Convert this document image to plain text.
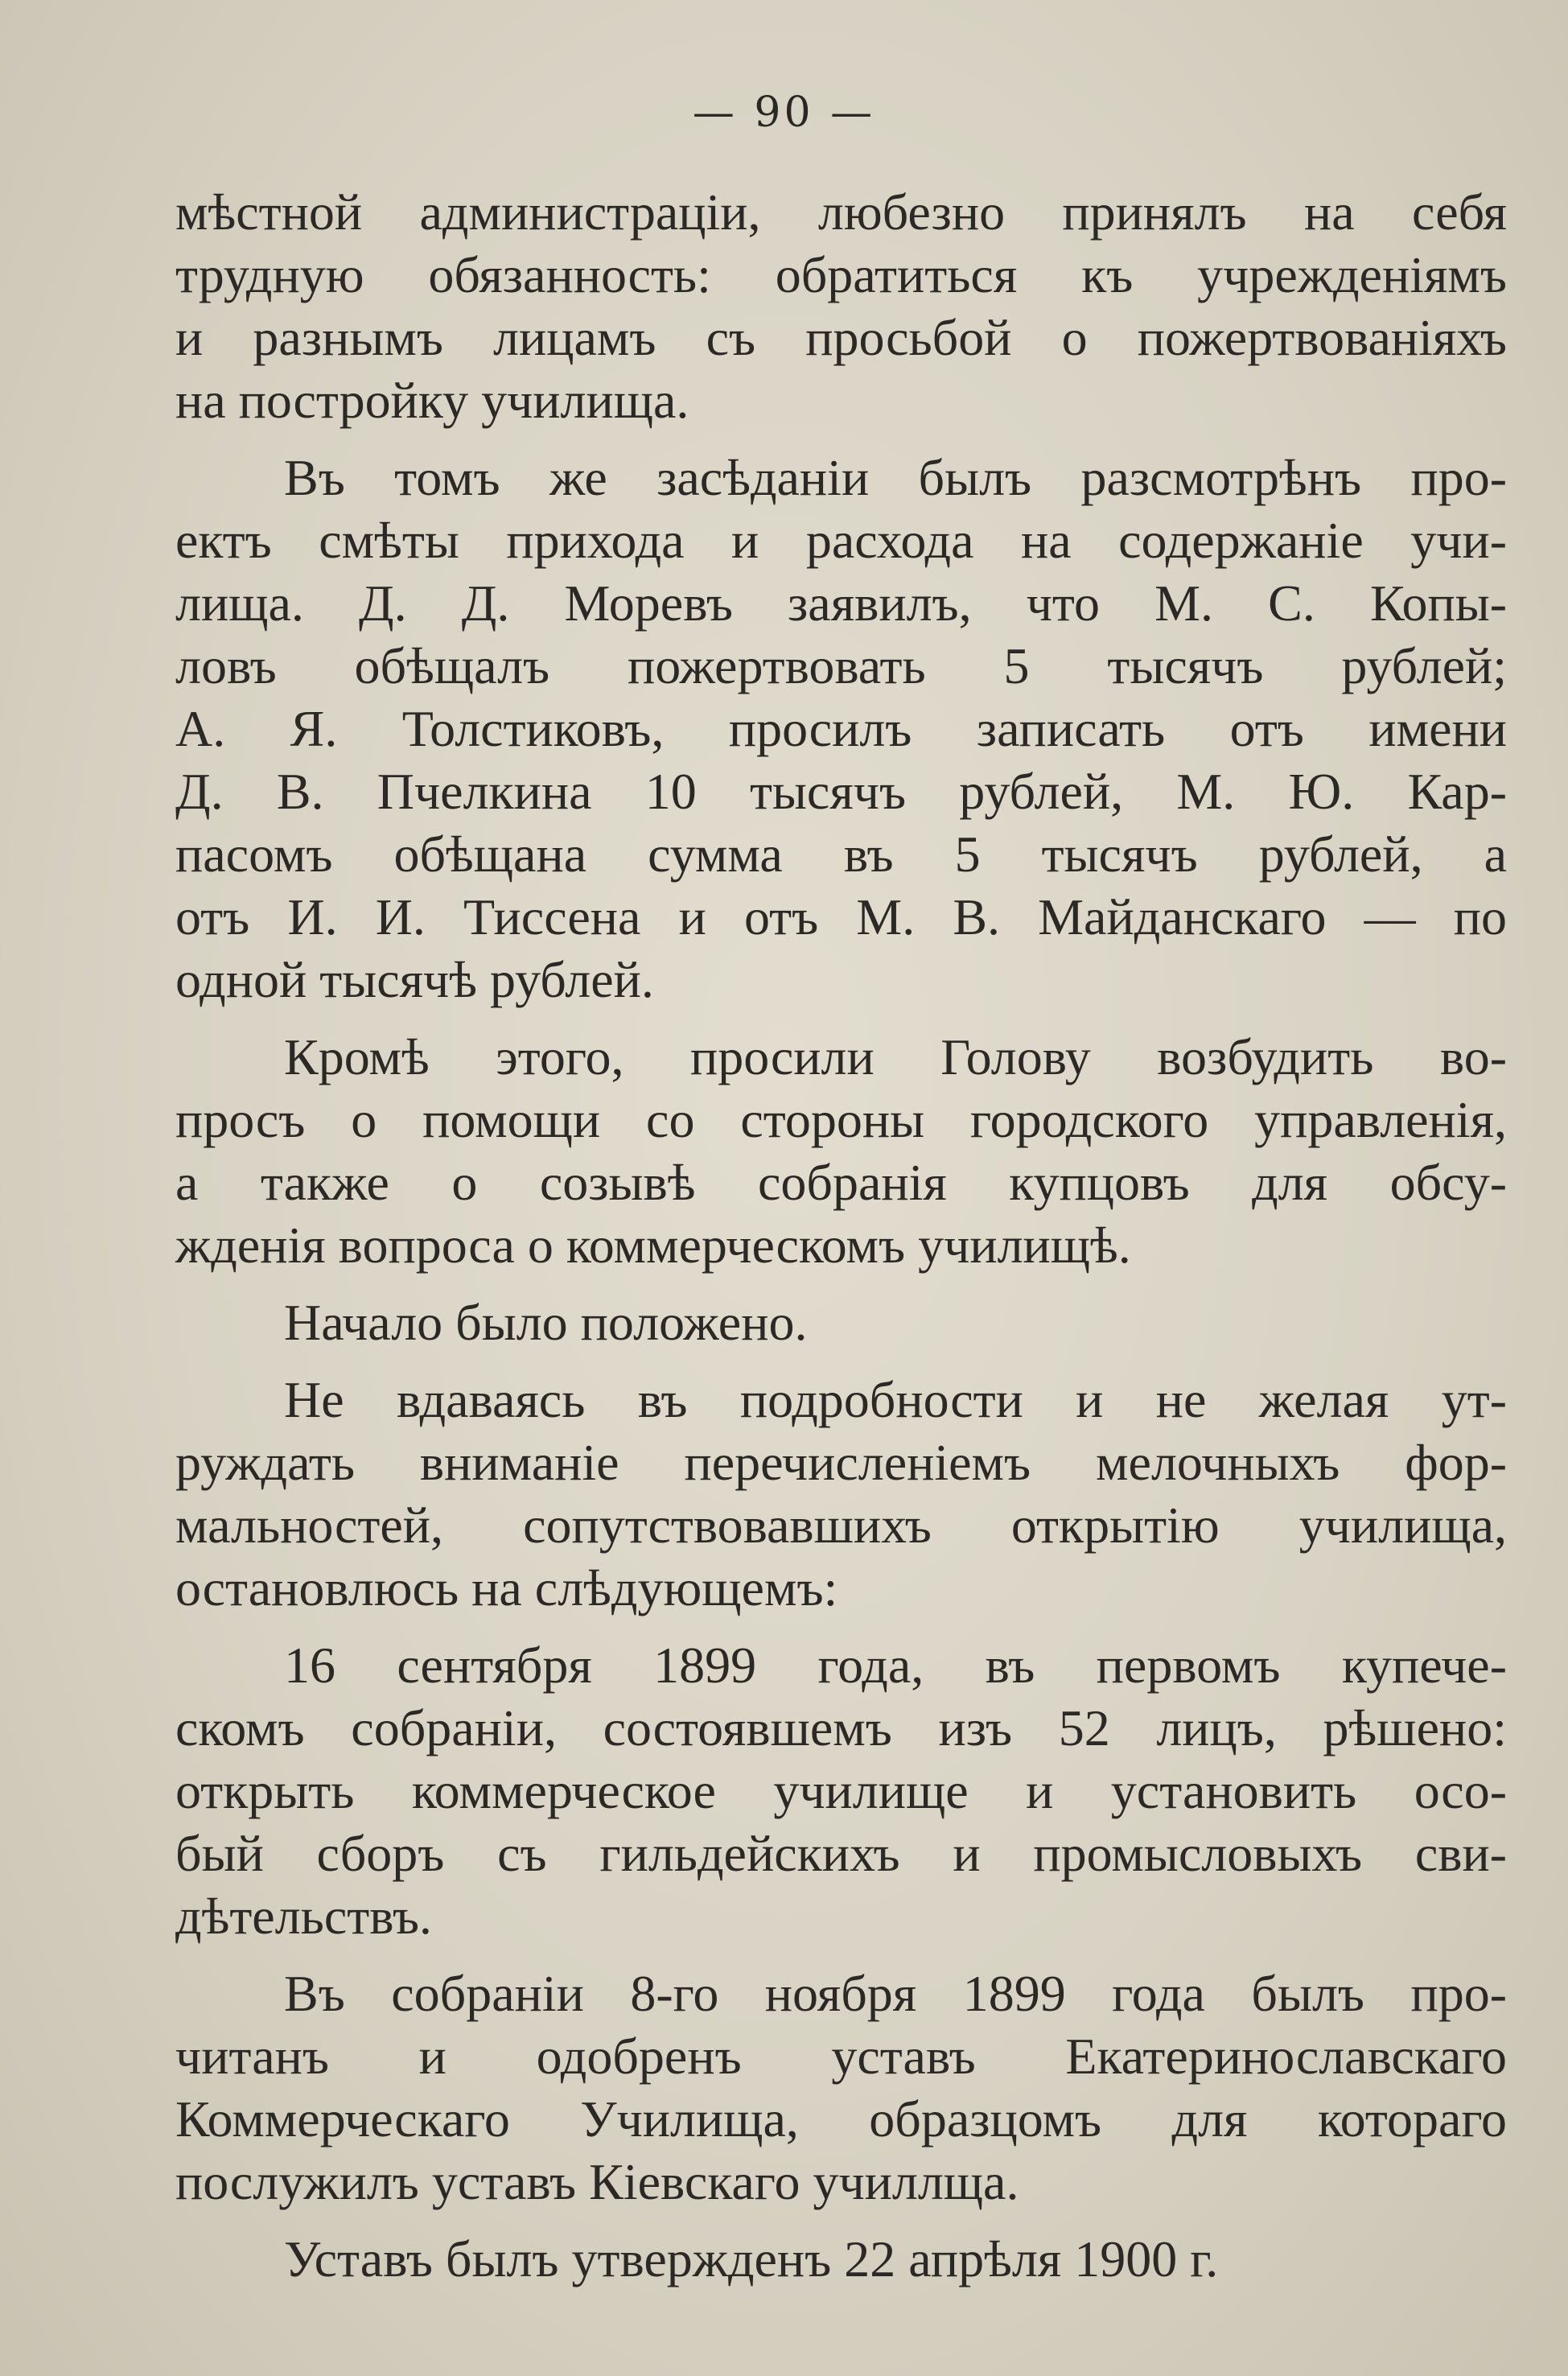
— 90 —
мѣстной администраціи, любезно принялъ на себя
трудную обязанность: обратиться къ учрежденіямъ
и разнымъ лицамъ съ просьбой о пожертвованіяхъ
на постройку училища.
Въ томъ же засѣданіи былъ разсмотрѣнъ про-
ектъ смѣты прихода и расхода на содержаніе учи-
лища. Д. Д. Моревъ заявилъ, что М. С. Копы-
ловъ обѣщалъ пожертвовать 5 тысячъ рублей;
А. Я. Толстиковъ, просилъ записать отъ имени
Д. В. Пчелкина 10 тысячъ рублей, М. Ю. Кар-
пасомъ обѣщана сумма въ 5 тысячъ рублей, а
отъ И. И. Тиссена и отъ М. В. Майданскаго — по
одной тысячѣ рублей.
Кромѣ этого, просили Голову возбудить во-
просъ о помощи со стороны городского управленія,
а также о созывѣ собранія купцовъ для обсу-
жденія вопроса о коммерческомъ училищѣ.
Начало было положено.
Не вдаваясь въ подробности и не желая ут-
руждать вниманіе перечисленіемъ мелочныхъ фор-
мальностей, сопутствовавшихъ открытію училища,
остановлюсь на слѣдующемъ:
16 сентября 1899 года, въ первомъ купече-
скомъ собраніи, состоявшемъ изъ 52 лицъ, рѣшено:
открыть коммерческое училище и установить осо-
бый сборъ съ гильдейскихъ и промысловыхъ сви-
дѣтельствъ.
Въ собраніи 8-го ноября 1899 года былъ про-
читанъ и одобренъ уставъ Екатеринославскаго
Коммерческаго Училища, образцомъ для котораго
послужилъ уставъ Кіевскаго училлща.
Уставъ былъ утвержденъ 22 апрѣля 1900 г.
